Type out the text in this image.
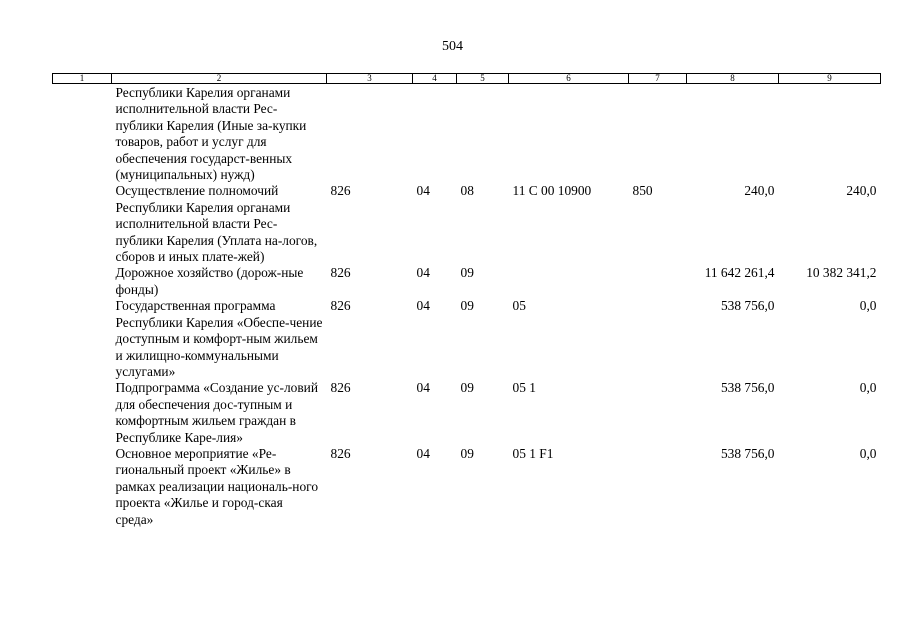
504
1	2	3	4	5	6	7	8	9
	Республики Карелия органами исполнительной власти Рес-публики Карелия (Иные за-купки товаров, работ и услуг для обеспечения государст-венных (муниципальных) нужд)							
	Осуществление полномочий Республики Карелия органами исполнительной власти Рес-публики Карелия (Уплата на-логов, сборов и иных плате-жей)	826	04	08	11 С 00 10900	850	240,0	240,0
	Дорожное хозяйство (дорож-ные фонды)	826	04	09			11 642 261,4	10 382 341,2
	Государственная программа Республики Карелия «Обеспе-чение доступным и комфорт-ным жильем и жилищно-коммунальными услугами»	826	04	09	05		538 756,0	0,0
	Подпрограмма «Создание ус-ловий для обеспечения дос-тупным и комфортным жильем граждан в Республике Каре-лия»	826	04	09	05 1		538 756,0	0,0
	Основное мероприятие «Ре-гиональный проект «Жилье» в рамках реализации националь-ного проекта «Жилье и город-ская среда»	826	04	09	05 1 F1		538 756,0	0,0
